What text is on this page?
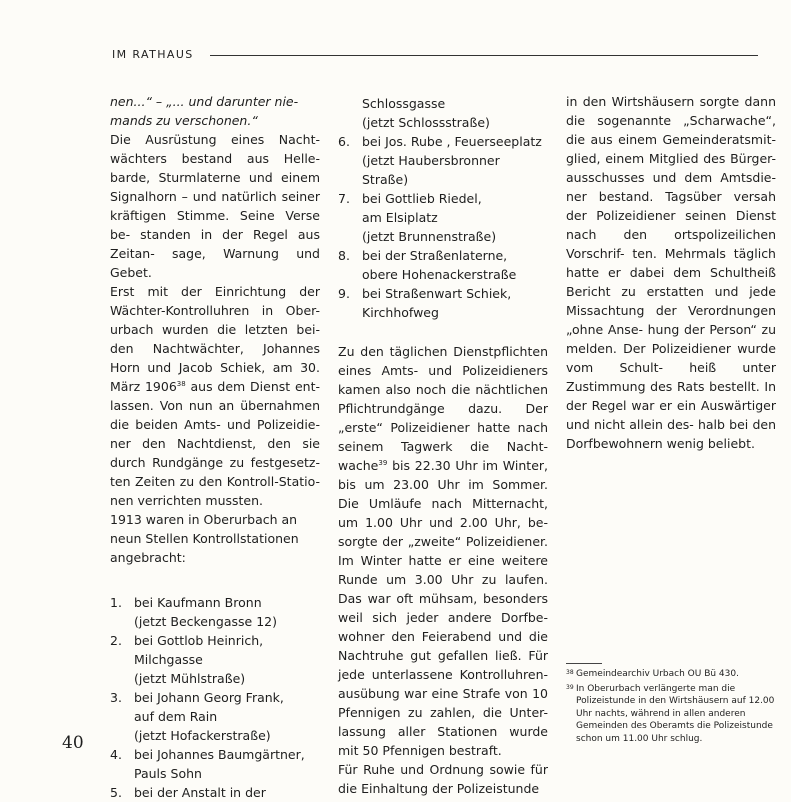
IM RATHAUS

nen...“ – „... und darunter nie-
mands zu verschonen.“

Die Ausrüstung eines Nacht- wächters bestand aus Helle- barde, Sturmlaterne und einem Signalhorn – und natürlich seiner kräftigen Stimme. Seine Verse be- standen in der Regel aus Zeitan- sage, Warnung und Gebet.

Erst mit der Einrichtung der Wächter-Kontrolluhren in Ober- urbach wurden die letzten bei- den Nachtwächter, Johannes Horn und Jacob Schiek, am 30. März 1906$^{38}$ aus dem Dienst ent- lassen. Von nun an übernahmen die beiden Amts- und Polizeidie- ner den Nachtdienst, den sie durch Rundgänge zu festgesetz- ten Zeiten zu den Kontroll-Statio- nen verrichten mussten.

1913 waren in Oberurbach an neun Stellen Kontrollstationen angebracht:

1. bei Kaufmann Bronn
(jetzt Beckengasse 12)
2. bei Gottlob Heinrich,
Milchgasse
(jetzt Mühlstraße)
3. bei Johann Georg Frank,
auf dem Rain
(jetzt Hofackerstraße)
4. bei Johannes Baumgärtner,
Pauls Sohn
5. bei der Anstalt in der
Schlossgasse
(jetzt Schlossstraße)
6. bei Jos. Rube , Feuerseeplatz
(jetzt Haubersbronner Straße)
7. bei Gottlieb Riedel,
am Elsiplatz
(jetzt Brunnenstraße)
8. bei der Straßenlaterne,
obere Hohenackerstraße
9. bei Straßenwart Schiek,
Kirchhofweg

Zu den täglichen Dienstpflichten eines Amts- und Polizeidieners kamen also noch die nächtlichen Pflichtrundgänge dazu. Der „erste“ Polizeidiener hatte nach seinem Tagwerk die Nacht- wache$^{39}$ bis 22.30 Uhr im Winter, bis um 23.00 Uhr im Sommer. Die Umläufe nach Mitternacht, um 1.00 Uhr und 2.00 Uhr, be- sorgte der „zweite“ Polizeidiener. Im Winter hatte er eine weitere Runde um 3.00 Uhr zu laufen. Das war oft mühsam, besonders weil sich jeder andere Dorfbe- wohner den Feierabend und die Nachtruhe gut gefallen ließ. Für jede unterlassene Kontrolluhren- ausübung war eine Strafe von 10 Pfennigen zu zahlen, die Unter- lassung aller Stationen wurde mit 50 Pfennigen bestraft.

Für Ruhe und Ordnung sowie für die Einhaltung der Polizeistunde

in den Wirtshäusern sorgte dann die sogenannte „Scharwache“, die aus einem Gemeinderatsmit- glied, einem Mitglied des Bürger- ausschusses und dem Amtsdie- ner bestand. Tagsüber versah der Polizeidiener seinen Dienst nach den ortspolizeilichen Vorschrif- ten. Mehrmals täglich hatte er dabei dem Schultheiß Bericht zu erstatten und jede Missachtung der Verordnungen „ohne Anse- hung der Person“ zu melden. Der Polizeidiener wurde vom Schult- heiß unter Zustimmung des Rats bestellt. In der Regel war er ein Auswärtiger und nicht allein des- halb bei den Dorfbewohnern wenig beliebt.

38 Gemeindearchiv Urbach OU Bü 430.
39 In Oberurbach verlängerte man die Polizeistunde in den Wirtshäusern auf 12.00 Uhr nachts, während in allen anderen Gemeinden des Oberamts die Polizeistunde schon um 11.00 Uhr schlug.
40
